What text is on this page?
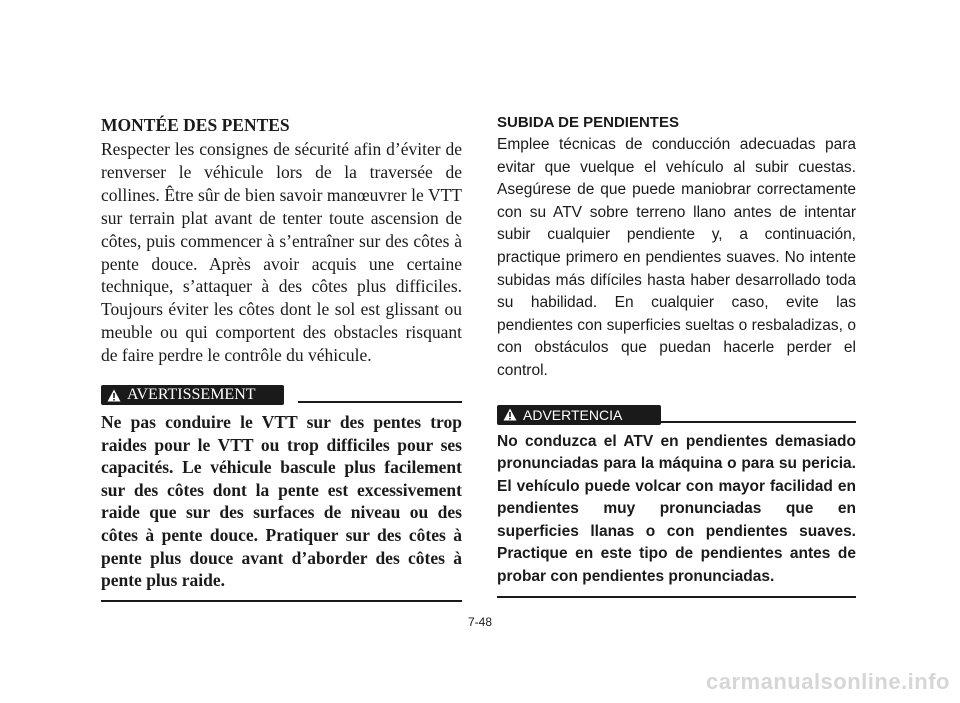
MONTÉE DES PENTES

Respecter les consignes de sécurité afin d’éviter de renverser le véhicule lors de la traversée de collines. Être sûr de bien savoir manœuvrer le VTT sur terrain plat avant de tenter toute ascension de côtes, puis commencer à s’entraîner sur des côtes à pente douce. Après avoir acquis une certaine technique, s’attaquer à des côtes plus difficiles. Toujours éviter les côtes dont le sol est glissant ou meuble ou qui comportent des obstacles risquant de faire perdre le contrôle du véhicule.

AVERTISSEMENT

Ne pas conduire le VTT sur des pentes trop raides pour le VTT ou trop difficiles pour ses capacités. Le véhicule bascule plus facilement sur des côtes dont la pente est excessivement raide que sur des surfaces de niveau ou des côtes à pente douce. Pratiquer sur des côtes à pente plus douce avant d’aborder des côtes à pente plus raide.

SUBIDA DE PENDIENTES

Emplee técnicas de conducción adecuadas para evitar que vuelque el vehículo al subir cuestas. Asegúrese de que puede maniobrar correctamente con su ATV sobre terreno llano antes de intentar subir cualquier pendiente y, a continuación, practique primero en pendientes suaves. No intente subidas más difíciles hasta haber desarrollado toda su habilidad. En cualquier caso, evite las pendientes con superficies sueltas o resbaladizas, o con obstáculos que puedan hacerle perder el control.

ADVERTENCIA

No conduzca el ATV en pendientes demasiado pronunciadas para la máquina o para su pericia. El vehículo puede volcar con mayor facilidad en pendientes muy pronunciadas que en superficies llanas o con pendientes suaves. Practique en este tipo de pendientes antes de probar con pendientes pronunciadas.

7-48
carmanualsonline.info
